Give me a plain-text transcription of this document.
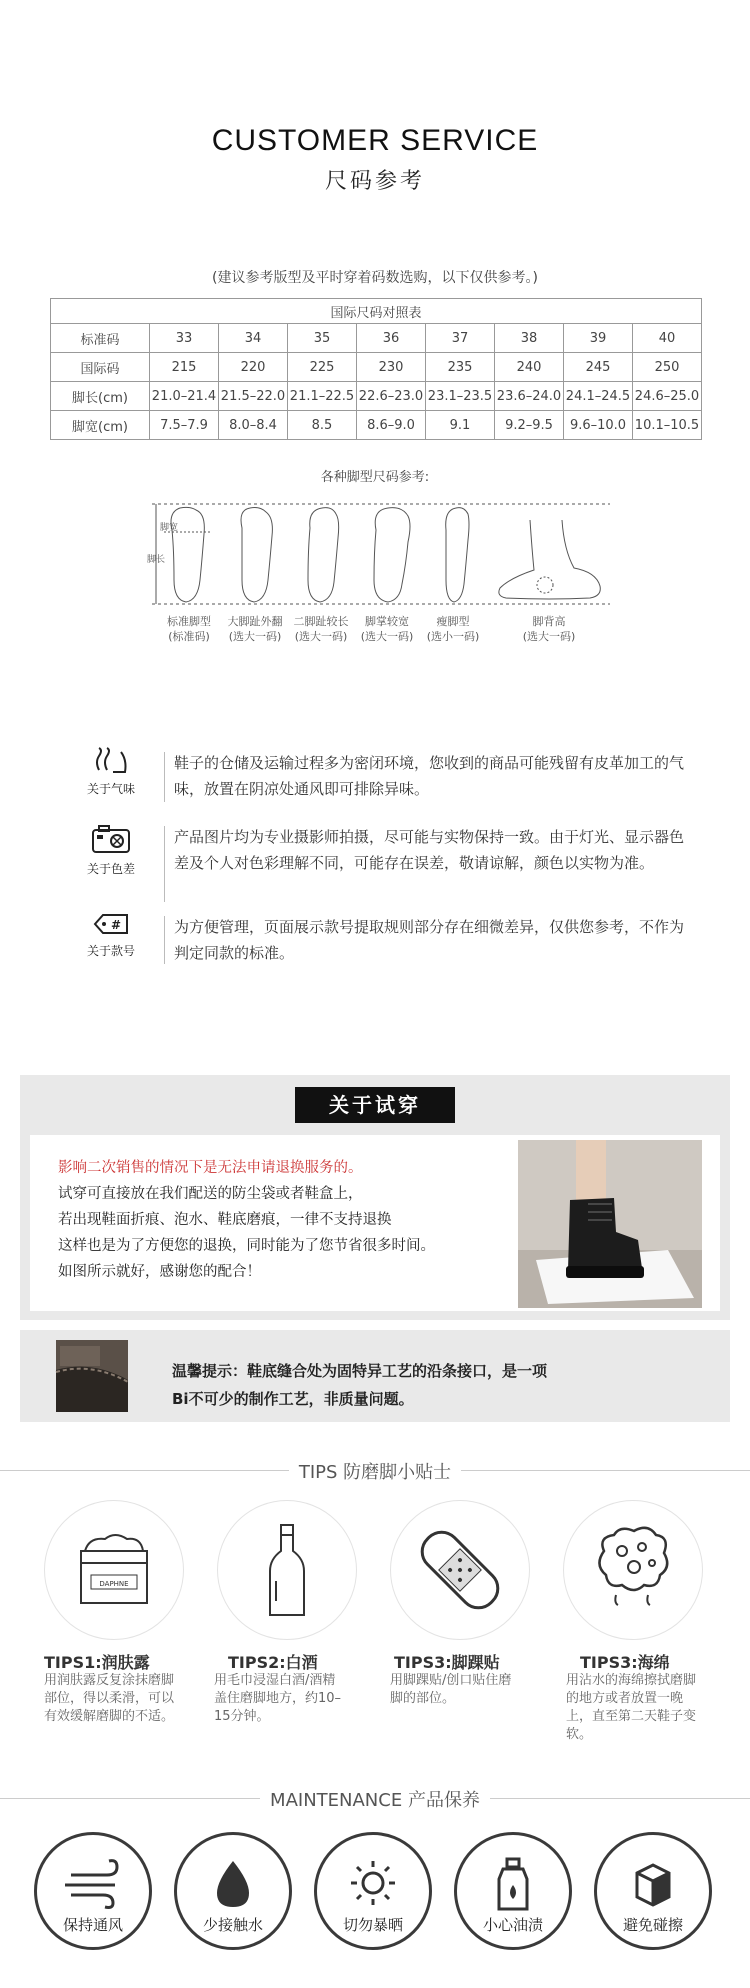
CUSTOMER SERVICE
尺码参考
(建议参考版型及平时穿着码数选购，以下仅供参考。)
国际尺码对照表								
标准码	33	34	35	36	37	38	39	40
国际码	215	220	225	230	235	240	245	250
脚长(cm)	21.0–21.4	21.5–22.0	21.1–22.5	22.6–23.0	23.1–23.5	23.6–24.0	24.1–24.5	24.6–25.0
脚宽(cm)	7.5–7.9	8.0–8.4	8.5	8.6–9.0	9.1	9.2–9.5	9.6–10.0	10.1–10.5
各种脚型尺码参考:
脚宽
脚长
标准脚型
(标准码)
大脚趾外翻
(选大一码)
二脚趾较长
(选大一码)
脚掌较宽
(选大一码)
瘦脚型
(选小一码)
脚背高
(选大一码)
关于气味
鞋子的仓储及运输过程多为密闭环境，您收到的商品可能残留有皮革加工的气味，放置在阴凉处通风即可排除异味。
关于色差
产品图片均为专业摄影师拍摄，尽可能与实物保持一致。由于灯光、显示器色差及个人对色彩理解不同，可能存在误差，敬请谅解，颜色以实物为准。
#
关于款号
为方便管理，页面展示款号提取规则部分存在细微差异，仅供您参考，不作为判定同款的标准。
关于试穿
影响二次销售的情况下是无法申请退换服务的。
试穿可直接放在我们配送的防尘袋或者鞋盒上，
若出现鞋面折痕、泡水、鞋底磨痕，一律不支持退换
这样也是为了方便您的退换，同时能为了您节省很多时间。
如图所示就好，感谢您的配合！
温馨提示：鞋底缝合处为固特异工艺的沿条接口，是一项
Bi不可少的制作工艺，非质量问题。
TIPS 防磨脚小贴士
DAPHNE
TIPS1:润肤露
用润肤露反复涂抹磨脚部位，得以柔滑，可以有效缓解磨脚的不适。
TIPS2:白酒
用毛巾浸湿白酒/酒精盖住磨脚地方，约10–15分钟。
TIPS3:脚踝贴
用脚踝贴/创口贴住磨脚的部位。
TIPS3:海绵
用沾水的海绵擦拭磨脚的地方或者放置一晚上，直至第二天鞋子变软。
MAINTENANCE 产品保养
保持通风	少接触水	切勿暴晒	小心油渍	避免碰擦
